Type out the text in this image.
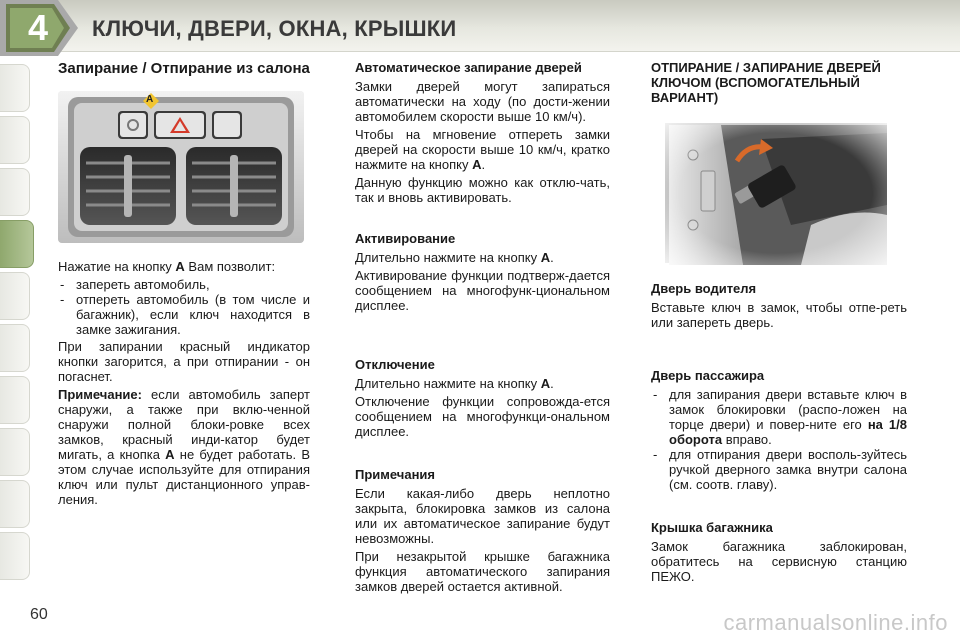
4	КЛЮЧИ, ДВЕРИ, ОКНА, КРЫШКИ
Запирание / Отпирание из салона
A
Нажатие на кнопку A Вам позволит:
- запереть автомобиль,
- отпереть автомобиль (в том числе и багажник), если ключ находится в замке зажигания.
При запирании красный индикатор кнопки загорится, а при отпирании - он погаснет.
Примечание: если автомобиль заперт снаружи, а также при вклю-ченной снаружи полной блоки-ровке всех замков, красный инди-катор будет мигать, а кнопка A не будет работать. В этом случае используйте для отпирания ключ или пульт дистанционного управ-ления.
Автоматическое запирание дверей
Замки дверей могут запираться автоматически на ходу (по дости-жении автомобилем скорости выше 10 км/ч).
Чтобы на мгновение отпереть замки дверей на скорости выше 10 км/ч, кратко нажмите на кнопку A.
Данную функцию можно как отклю-чать, так и вновь активировать.
Активирование
Длительно нажмите на кнопку A.
Активирование функции подтверж-дается сообщением на многофунк-циональном дисплее.
Отключение
Длительно нажмите на кнопку A.
Отключение функции сопровожда-ется сообщением на многофункци-ональном дисплее.
Примечания
Если какая-либо дверь неплотно закрыта, блокировка замков из салона или их автоматическое запирание будут невозможны.
При незакрытой крышке багажника функция автоматического запирания замков дверей остается активной.
ОТПИРАНИЕ / ЗАПИРАНИЕ ДВЕРЕЙ КЛЮЧОМ (ВСПОМОГАТЕЛЬНЫЙ ВАРИАНТ)
Дверь водителя
Вставьте ключ в замок, чтобы отпе-реть или запереть дверь.
Дверь пассажира
- для запирания двери вставьте ключ в замок блокировки (распо-ложен на торце двери) и повер-ните его на 1/8 оборота вправо.
- для отпирания двери восполь-зуйтесь ручкой дверного замка внутри салона (см. соотв. главу).
Крышка багажника
Замок багажника заблокирован, обратитесь на сервисную станцию ПЕЖО.
60	carmanualsonline.info
